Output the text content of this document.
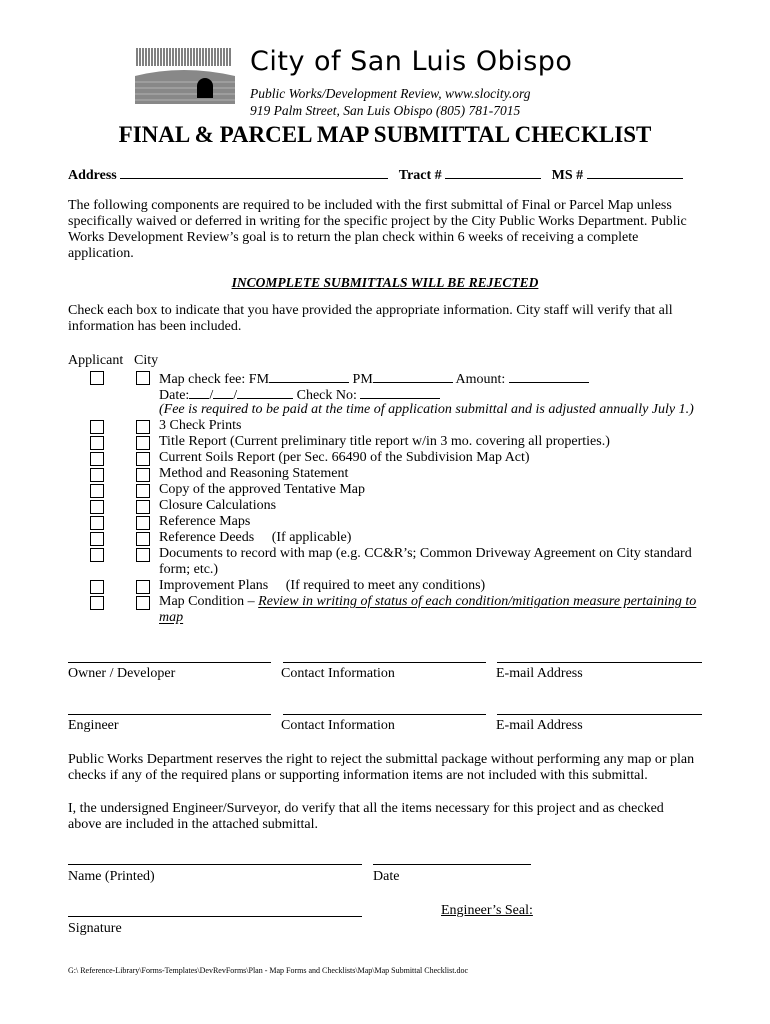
City of San Luis Obispo
Public Works/Development Review, www.slocity.org
919 Palm Street, San Luis Obispo (805) 781-7015
FINAL & PARCEL MAP SUBMITTAL CHECKLIST
Address	Tract #	MS #
The following components are required to be included with the first submittal of Final or Parcel Map unless specifically waived or deferred in writing for the specific project by the City Public Works Department. Public Works Development Review’s goal is to return the plan check within 6 weeks of receiving a complete application.
INCOMPLETE SUBMITTALS WILL BE REJECTED
Check each box to indicate that you have provided the appropriate information. City staff will verify that all information has been included.
Applicant City
Map check fee: FM	PM	Amount:
Date: / /	Check No:
(Fee is required to be paid at the time of application submittal and is adjusted annually July 1.)
3 Check Prints
Title Report (Current preliminary title report w/in 3 mo. covering all properties.)
Current Soils Report (per Sec. 66490 of the Subdivision Map Act)
Method and Reasoning Statement
Copy of the approved Tentative Map
Closure Calculations
Reference Maps
Reference Deeds     (If applicable)
Documents to record with map (e.g. CC&R’s; Common Driveway Agreement on City standard
form; etc.)
Improvement Plans     (If required to meet any conditions)
Map Condition – Review in writing of status of each condition/mitigation measure pertaining to
map
Owner / Developer	Contact Information	E-mail Address
Engineer	Contact Information	E-mail Address
Public Works Department reserves the right to reject the submittal package without performing any map or plan checks if any of the required plans or supporting information items are not included with this submittal.
I, the undersigned Engineer/Surveyor, do verify that all the items necessary for this project and as checked above are included in the attached submittal.
Name (Printed)	Date
Engineer’s Seal:
Signature
G:\ Reference-Library\Forms-Templates\DevRevForms\Plan - Map Forms and Checklists\Map\Map Submittal Checklist.doc
